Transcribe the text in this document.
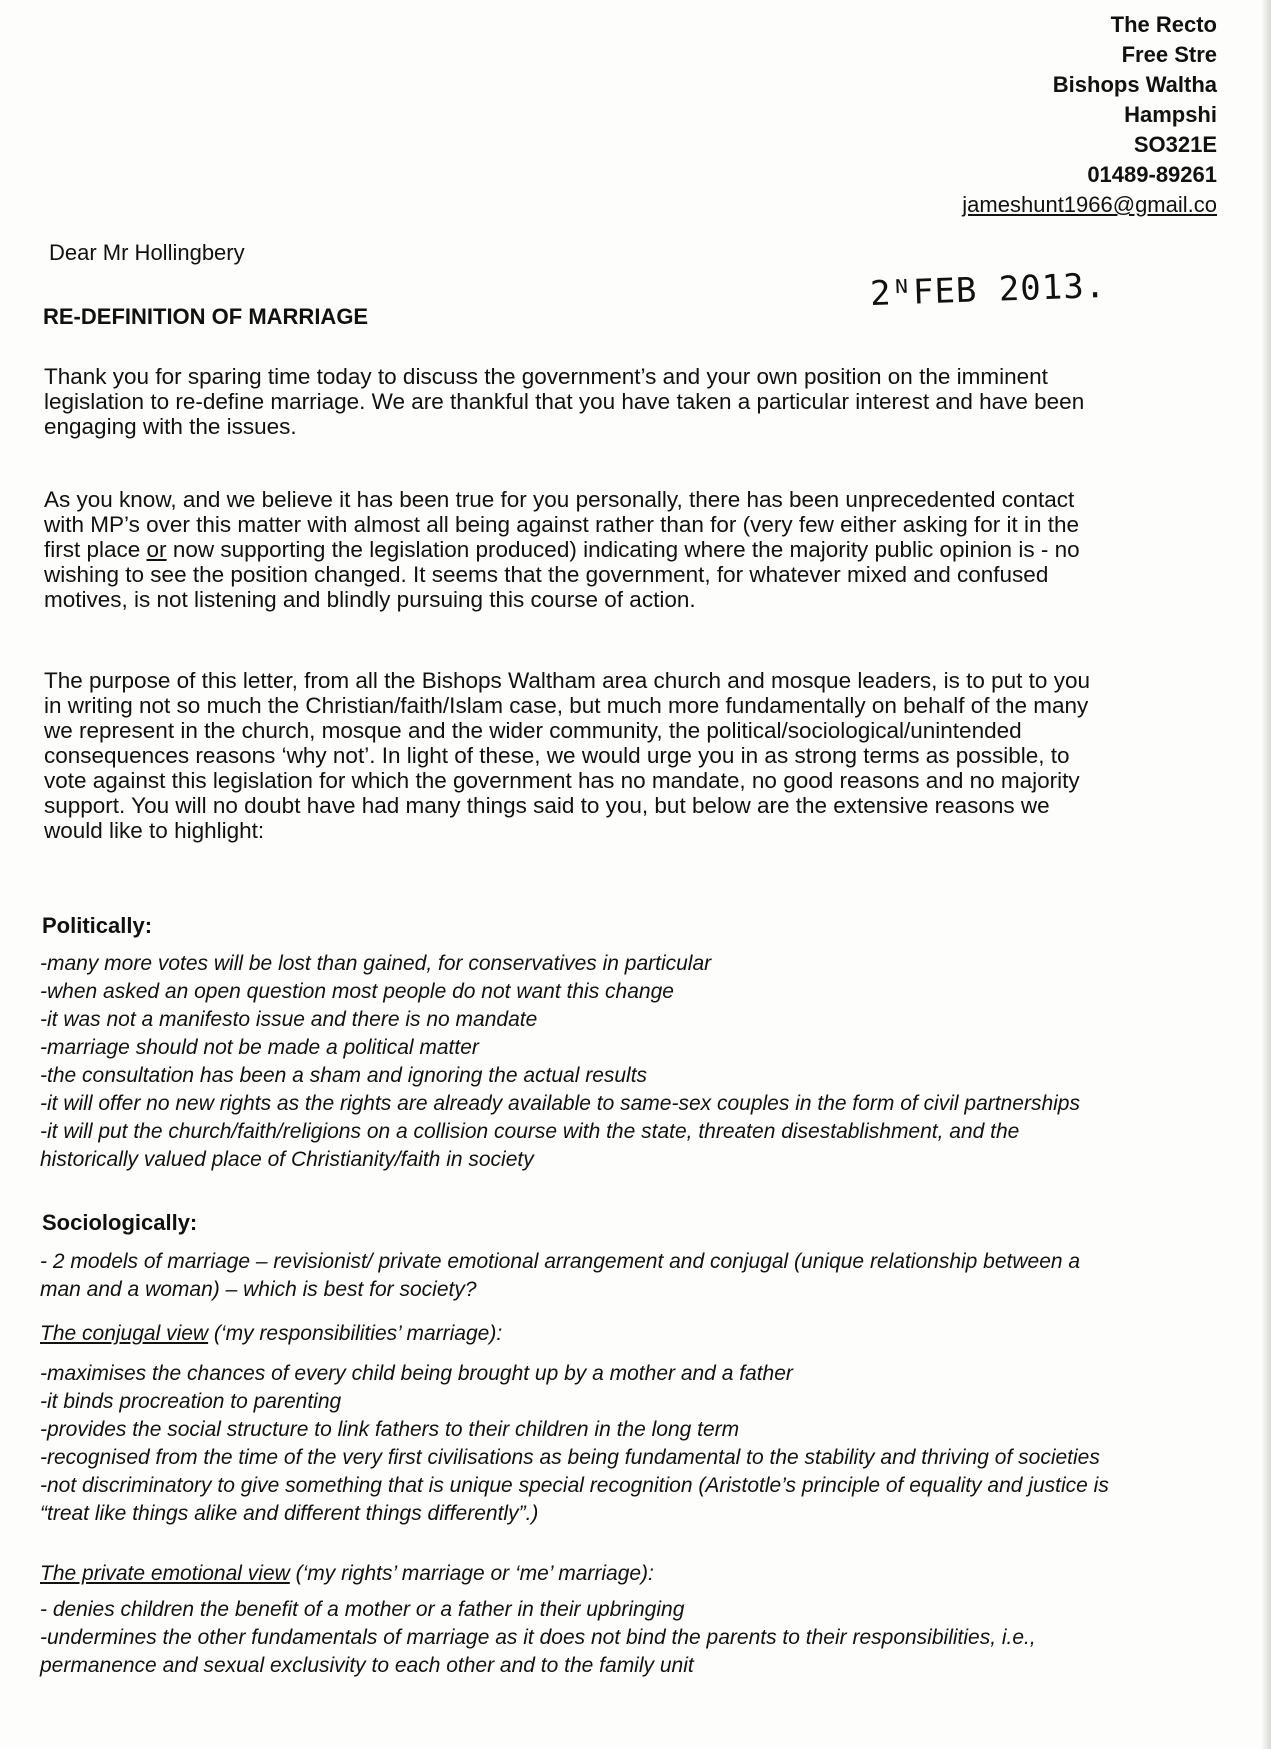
The Recto
Free Stre
Bishops Waltha
Hampshi
SO321E
01489-89261
jameshunt1966@gmail.co
Dear Mr Hollingbery
2ᴺFEB 2013.
RE-DEFINITION OF MARRIAGE
Thank you for sparing time today to discuss the government’s and your own position on the imminent
legislation to re-define marriage. We are thankful that you have taken a particular interest and have been
engaging with the issues.
As you know, and we believe it has been true for you personally, there has been unprecedented contact
with MP’s over this matter with almost all being against rather than for (very few either asking for it in the
first place or now supporting the legislation produced) indicating where the majority public opinion is - no
wishing to see the position changed. It seems that the government, for whatever mixed and confused
motives, is not listening and blindly pursuing this course of action.
The purpose of this letter, from all the Bishops Waltham area church and mosque leaders, is to put to you
in writing not so much the Christian/faith/Islam case, but much more fundamentally on behalf of the many
we represent in the church, mosque and the wider community, the political/sociological/unintended
consequences reasons ‘why not’. In light of these, we would urge you in as strong terms as possible, to
vote against this legislation for which the government has no mandate, no good reasons and no majority
support. You will no doubt have had many things said to you, but below are the extensive reasons we
would like to highlight:
Politically:
-many more votes will be lost than gained, for conservatives in particular
-when asked an open question most people do not want this change
-it was not a manifesto issue and there is no mandate
-marriage should not be made a political matter
-the consultation has been a sham and ignoring the actual results
-it will offer no new rights as the rights are already available to same-sex couples in the form of civil partnerships
-it will put the church/faith/religions on a collision course with the state, threaten disestablishment, and the
historically valued place of Christianity/faith in society
Sociologically:
- 2 models of marriage – revisionist/ private emotional arrangement and conjugal (unique relationship between a
man and a woman) – which is best for society?
The conjugal view (‘my responsibilities’ marriage):
-maximises the chances of every child being brought up by a mother and a father
-it binds procreation to parenting
-provides the social structure to link fathers to their children in the long term
-recognised from the time of the very first civilisations as being fundamental to the stability and thriving of societies
-not discriminatory to give something that is unique special recognition (Aristotle’s principle of equality and justice is
“treat like things alike and different things differently”.)
The private emotional view (‘my rights’ marriage or ‘me’ marriage):
- denies children the benefit of a mother or a father in their upbringing
-undermines the other fundamentals of marriage as it does not bind the parents to their responsibilities, i.e.,
permanence and sexual exclusivity to each other and to the family unit
